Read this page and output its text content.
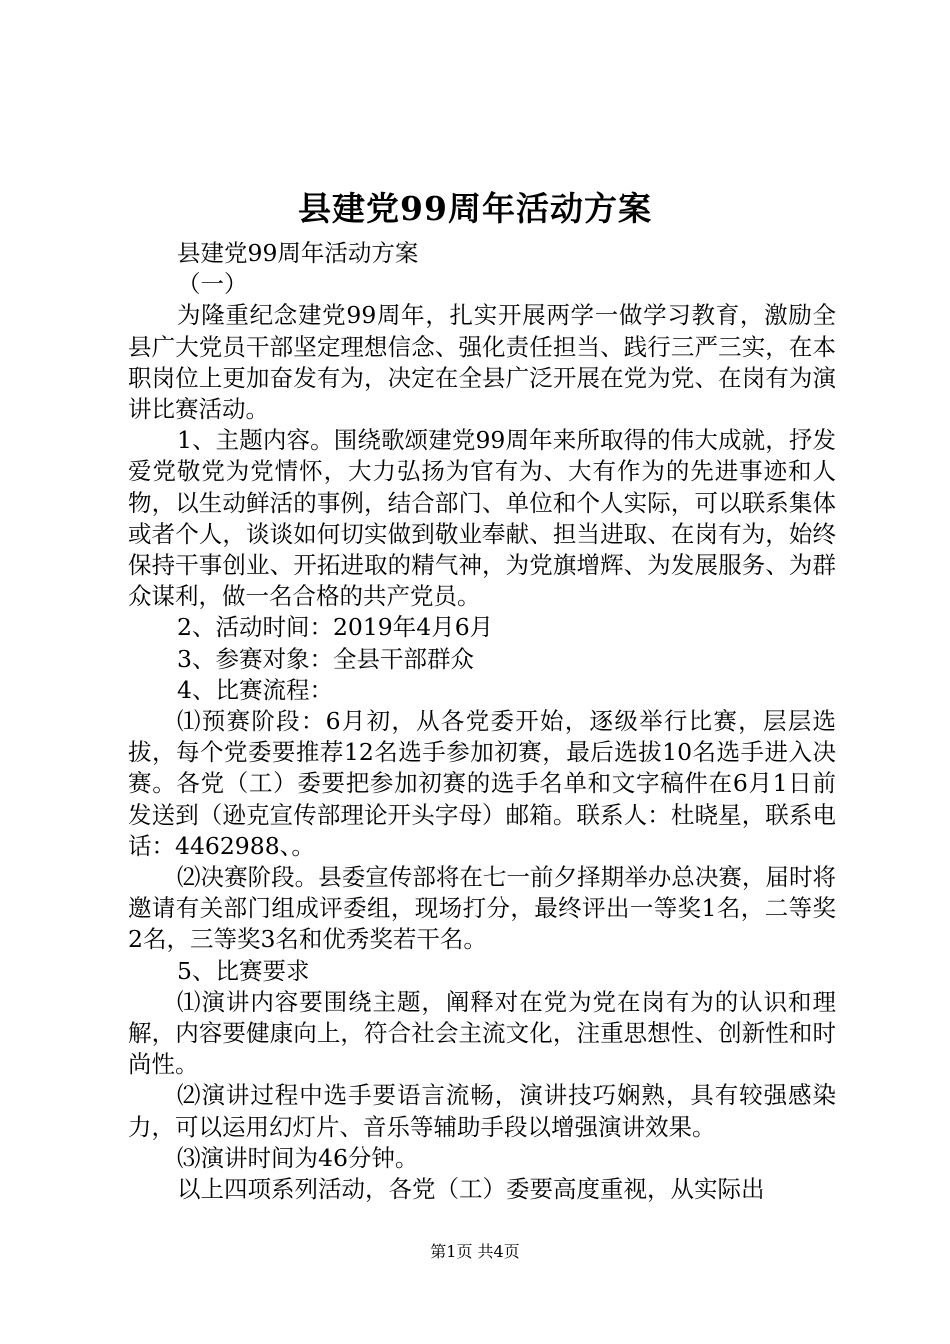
县建党99周年活动方案

县建党99周年活动方案

（一）

为隆重纪念建党99周年，扎实开展两学一做学习教育，激励全县广大党员干部坚定理想信念、强化责任担当、践行三严三实，在本职岗位上更加奋发有为，决定在全县广泛开展在党为党、在岗有为演讲比赛活动。

1、主题内容。围绕歌颂建党99周年来所取得的伟大成就，抒发爱党敬党为党情怀，大力弘扬为官有为、大有作为的先进事迹和人物，以生动鲜活的事例，结合部门、单位和个人实际，可以联系集体或者个人，谈谈如何切实做到敬业奉献、担当进取、在岗有为，始终保持干事创业、开拓进取的精气神，为党旗增辉、为发展服务、为群众谋利，做一名合格的共产党员。

2、活动时间：2019年4月6月

3、参赛对象：全县干部群众

4、比赛流程：

⑴预赛阶段：6月初，从各党委开始，逐级举行比赛，层层选拔，每个党委要推荐12名选手参加初赛，最后选拔10名选手进入决赛。各党（工）委要把参加初赛的选手名单和文字稿件在6月1日前发送到（逊克宣传部理论开头字母）邮箱。联系人：杜晓星，联系电话：4462988、。

⑵决赛阶段。县委宣传部将在七一前夕择期举办总决赛，届时将邀请有关部门组成评委组，现场打分，最终评出一等奖1名，二等奖2名，三等奖3名和优秀奖若干名。

5、比赛要求

⑴演讲内容要围绕主题，阐释对在党为党在岗有为的认识和理解，内容要健康向上，符合社会主流文化，注重思想性、创新性和时尚性。

⑵演讲过程中选手要语言流畅，演讲技巧娴熟，具有较强感染力，可以运用幻灯片、音乐等辅助手段以增强演讲效果。

⑶演讲时间为46分钟。

以上四项系列活动，各党（工）委要高度重视，从实际出

第1页 共4页
